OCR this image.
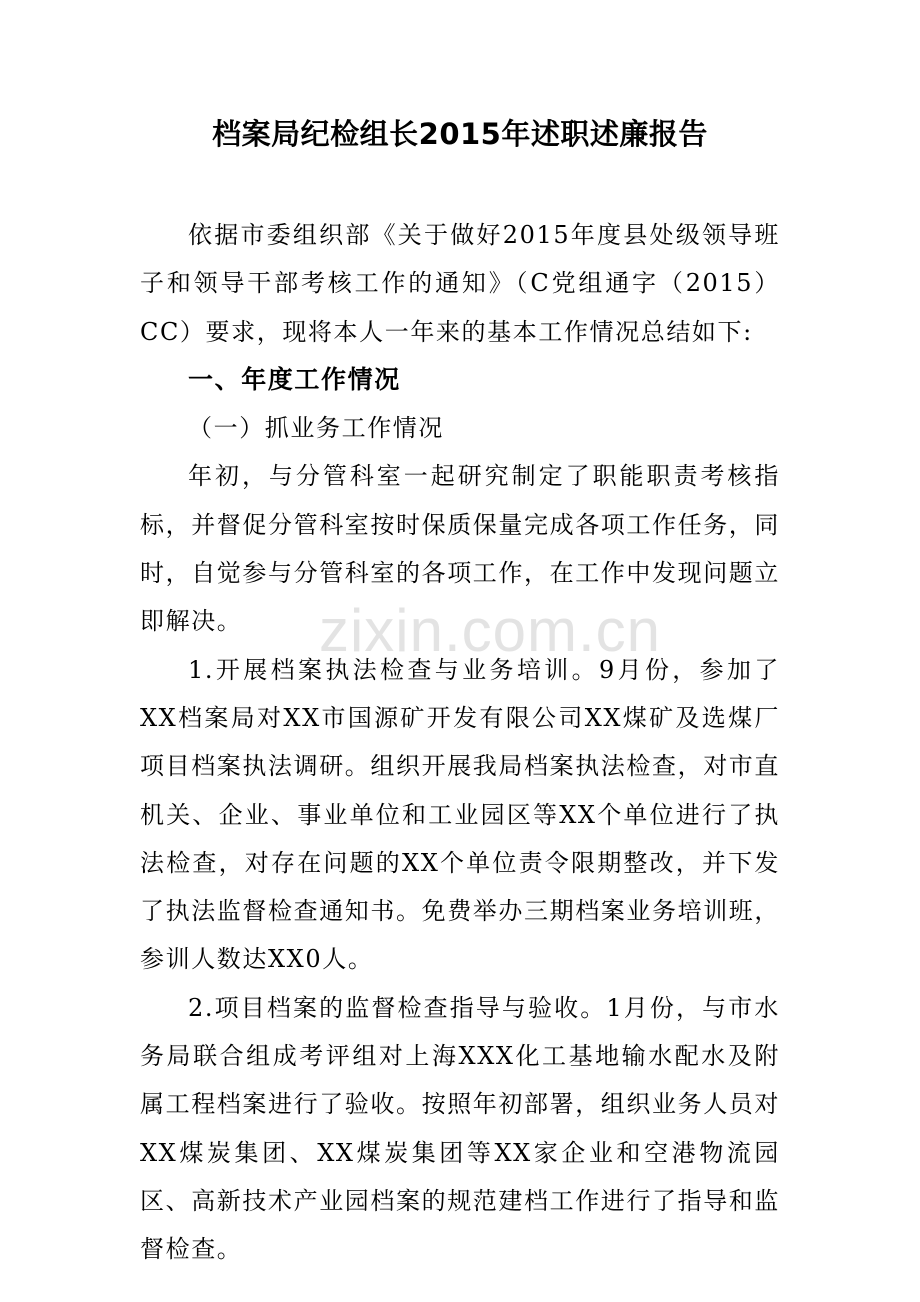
档案局纪检组长2015年述职述廉报告
zixin.com.cn

依据市委组织部《关于做好2015年度县处级领导班子和领导干部考核工作的通知》（C党组通字（2015）CC）要求，现将本人一年来的基本工作情况总结如下:

一、年度工作情况

（一）抓业务工作情况

年初，与分管科室一起研究制定了职能职责考核指标，并督促分管科室按时保质保量完成各项工作任务，同时，自觉参与分管科室的各项工作，在工作中发现问题立即解决。

1.开展档案执法检查与业务培训。9月份，参加了XX档案局对XX市国源矿开发有限公司XX煤矿及选煤厂项目档案执法调研。组织开展我局档案执法检查，对市直机关、企业、事业单位和工业园区等XX个单位进行了执法检查，对存在问题的XX个单位责令限期整改，并下发了执法监督检查通知书。免费举办三期档案业务培训班，参训人数达XX0人。

2.项目档案的监督检查指导与验收。1月份，与市水务局联合组成考评组对上海XXX化工基地输水配水及附属工程档案进行了验收。按照年初部署，组织业务人员对XX煤炭集团、XX煤炭集团等XX家企业和空港物流园区、高新技术产业园档案的规范建档工作进行了指导和监督检查。
